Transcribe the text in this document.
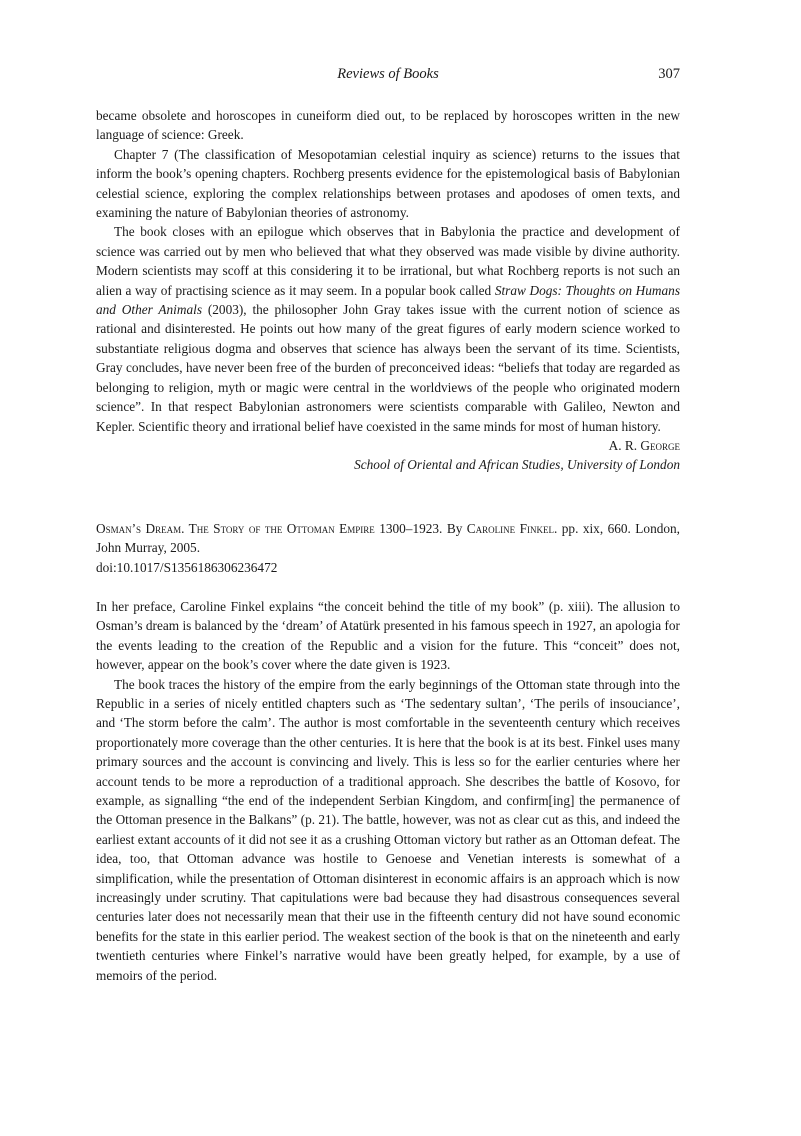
Reviews of Books	307

became obsolete and horoscopes in cuneiform died out, to be replaced by horoscopes written in the new language of science: Greek.

Chapter 7 (The classification of Mesopotamian celestial inquiry as science) returns to the issues that inform the book’s opening chapters. Rochberg presents evidence for the epistemological basis of Babylonian celestial science, exploring the complex relationships between protases and apodoses of omen texts, and examining the nature of Babylonian theories of astronomy.

The book closes with an epilogue which observes that in Babylonia the practice and development of science was carried out by men who believed that what they observed was made visible by divine authority. Modern scientists may scoff at this considering it to be irrational, but what Rochberg reports is not such an alien a way of practising science as it may seem. In a popular book called Straw Dogs: Thoughts on Humans and Other Animals (2003), the philosopher John Gray takes issue with the current notion of science as rational and disinterested. He points out how many of the great figures of early modern science worked to substantiate religious dogma and observes that science has always been the servant of its time. Scientists, Gray concludes, have never been free of the burden of preconceived ideas: “beliefs that today are regarded as belonging to religion, myth or magic were central in the worldviews of the people who originated modern science”. In that respect Babylonian astronomers were scientists comparable with Galileo, Newton and Kepler. Scientific theory and irrational belief have coexisted in the same minds for most of human history.

A. R. George
School of Oriental and African Studies, University of London
Osman’s Dream. The Story of the Ottoman Empire 1300–1923. By Caroline Finkel. pp. xix, 660. London, John Murray, 2005.
doi:10.1017/S1356186306236472

In her preface, Caroline Finkel explains “the conceit behind the title of my book” (p. xiii). The allusion to Osman’s dream is balanced by the ‘dream’ of Atatürk presented in his famous speech in 1927, an apologia for the events leading to the creation of the Republic and a vision for the future. This “conceit” does not, however, appear on the book’s cover where the date given is 1923.

The book traces the history of the empire from the early beginnings of the Ottoman state through into the Republic in a series of nicely entitled chapters such as ‘The sedentary sultan’, ‘The perils of insouciance’, and ‘The storm before the calm’. The author is most comfortable in the seventeenth century which receives proportionately more coverage than the other centuries. It is here that the book is at its best. Finkel uses many primary sources and the account is convincing and lively. This is less so for the earlier centuries where her account tends to be more a reproduction of a traditional approach. She describes the battle of Kosovo, for example, as signalling “the end of the independent Serbian Kingdom, and confirm[ing] the permanence of the Ottoman presence in the Balkans” (p. 21). The battle, however, was not as clear cut as this, and indeed the earliest extant accounts of it did not see it as a crushing Ottoman victory but rather as an Ottoman defeat. The idea, too, that Ottoman advance was hostile to Genoese and Venetian interests is somewhat of a simplification, while the presentation of Ottoman disinterest in economic affairs is an approach which is now increasingly under scrutiny. That capitulations were bad because they had disastrous consequences several centuries later does not necessarily mean that their use in the fifteenth century did not have sound economic benefits for the state in this earlier period. The weakest section of the book is that on the nineteenth and early twentieth centuries where Finkel’s narrative would have been greatly helped, for example, by a use of memoirs of the period.
